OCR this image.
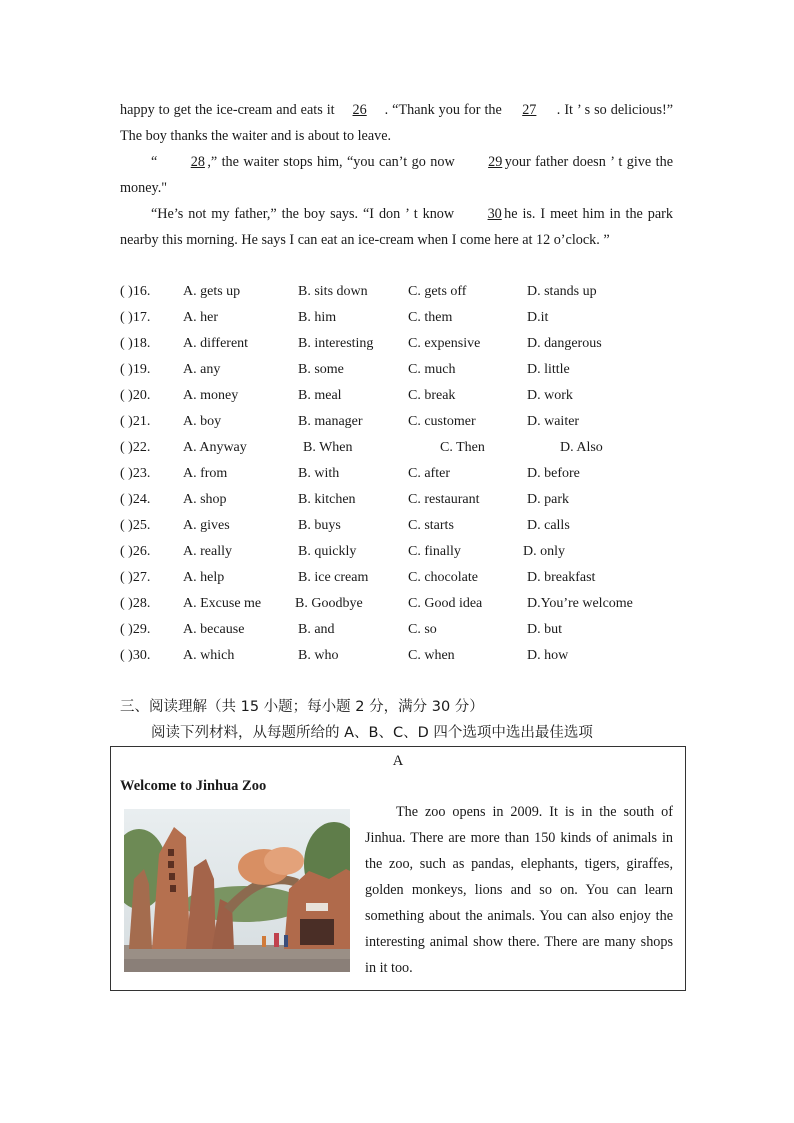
happy to get the ice-cream and eats it 26 . “Thank you for the 27 . It ’ s so delicious!” The boy thanks the waiter and is about to leave.

“ 28 ,” the waiter stops him, “you can’t go now 29 your father doesn ’ t give the money."

“He’s not my father,” the boy says. “I don ’ t know 30 he is. I meet him in the park nearby this morning. He says I can eat an ice-cream when I come here at 12 o’clock. ”

( )16. A. gets up	B. sits down	C. gets off	D. stands up
( )17. A. her	B. him	C. them	D.it
( )18. A. different	B. interesting C. expensive	D. dangerous
( )19. A. any	B. some	C. much	D. little
( )20. A. money	B. meal	C. break	D. work
( )21. A. boy	B. manager	C. customer	D. waiter
( )22. A. Anyway	B. When	C. Then	D. Also
( )23. A. from	B. with	C. after	D. before
( )24. A. shop	B. kitchen	C. restaurant	D. park
( )25. A. gives	B. buys	C. starts	D. calls
( )26. A. really	B. quickly	C. finally	D. only
( )27. A. help	B. ice cream	C. chocolate	D. breakfast
( )28. A. Excuse me B. Goodbye	C. Good idea	D.You’re welcome
( )29. A. because	B. and	C. so	D. but
( )30. A. which	B. who	C. when	D. how
三、阅读理解（共 15 小题；每小题 2 分，满分 30 分）
阅读下列材料，从每题所给的 A、B、C、D 四个选项中选出最佳选项
A
Welcome to Jinhua Zoo

The zoo opens in 2009. It is in the south of Jinhua. There are more than 150 kinds of animals in the zoo, such as pandas, elephants, tigers, giraffes, golden monkeys, lions and so on. You can learn something about the animals. You can also enjoy the interesting animal show there. There are many shops in it too.
